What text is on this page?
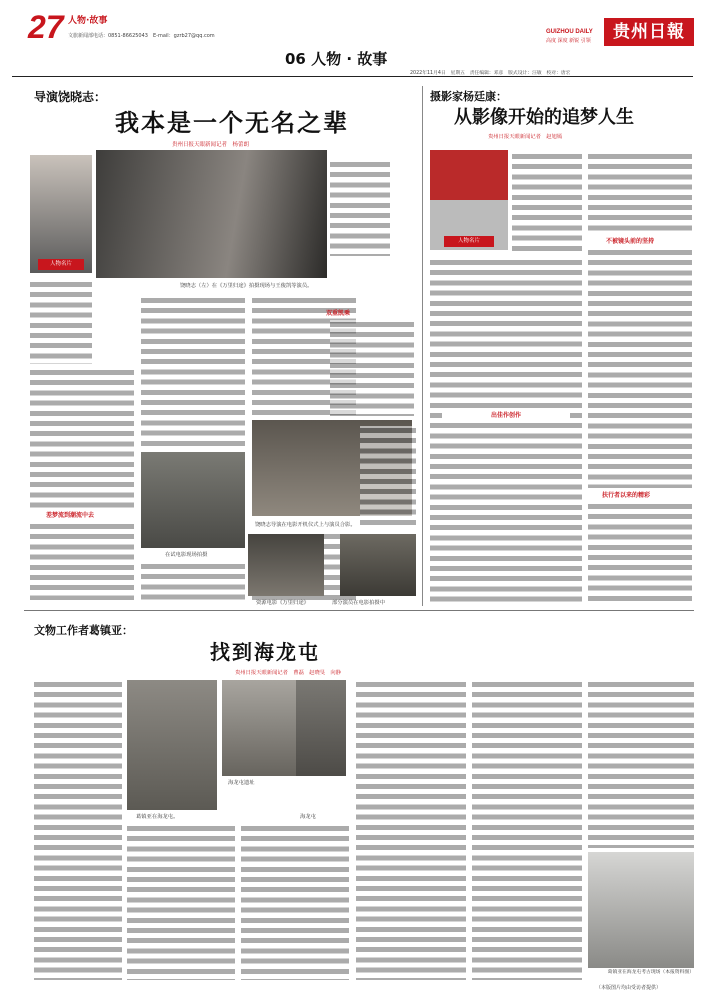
27 人物·故事
文旅新闻部电话：0851-86625043　E-mail：gzrb27@qq.com
GUIZHOU DAILY
高度 深度 新锐 引领	贵州日報
06 人物 · 故事
2022年11月4日　星期五　责任编辑：邓彦　版式设计：汪敏　校对：唐宏
导演饶晓志：
我本是一个无名之辈
贵州日报天眼新闻记者　杨蕾朗
人物名片
饶晓志（左）在《万里归途》拍摄现场与王俊凯等演员。
差梦流到潮流中去
在试电影现场拍摄
饶晓志导演在电影开机仪式上与演员合影。
资源电影《万里归途》
双重凯乘
部分演员在电影拍摄中
摄影家杨廷康：
从影像开始的追梦人生
贵州日报天眼新闻记者　赵旭嫣
人物名片
出佳作创作
不被镜头前的坚持
扶行者以来的精彩
文物工作者葛镇亚：
找到海龙屯
贵州日报天眼新闻记者　曹磊　赵晓旻　向静
葛镇亚在海龙屯。
海龙屯遗址
海龙屯
葛镇亚在海龙屯考古现场（本报资料图）
（本版图片均由受访者提供）
